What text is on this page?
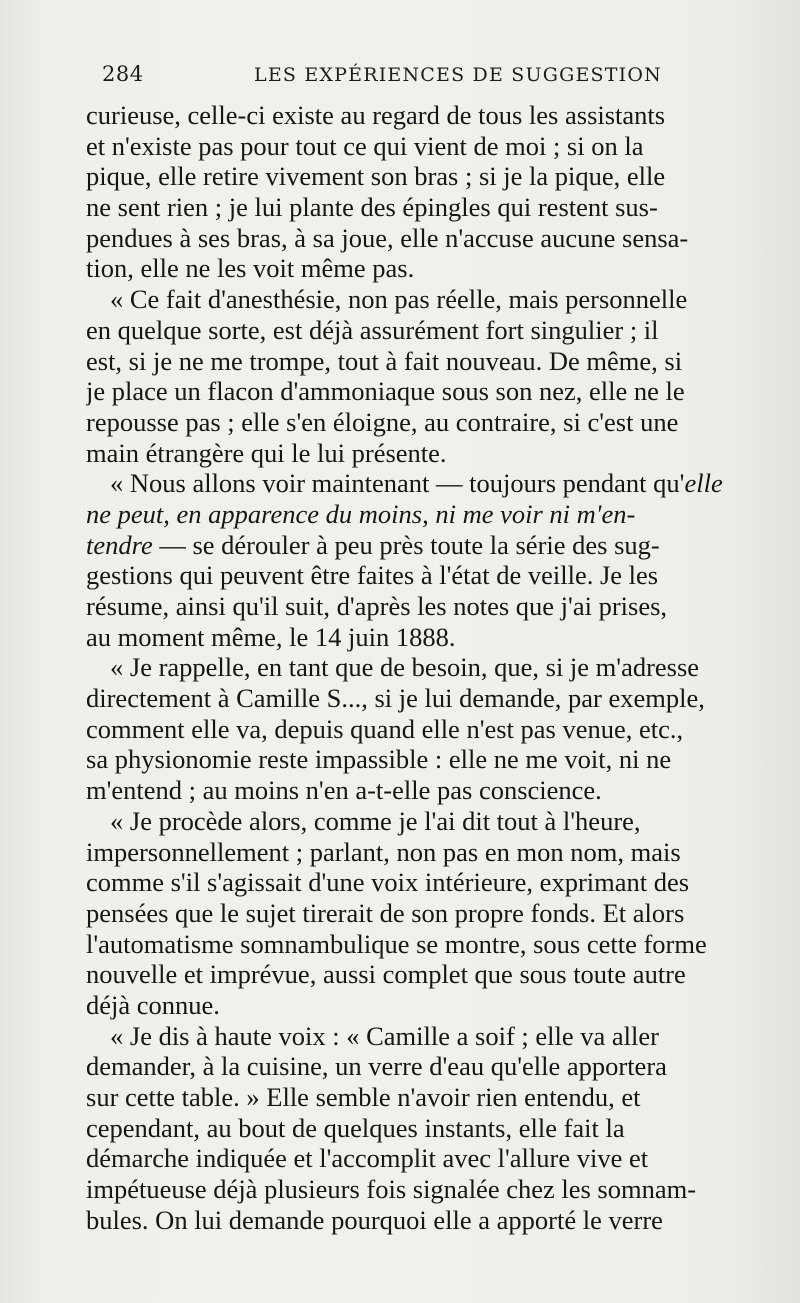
284	LES EXPÉRIENCES DE SUGGESTION
curieuse, celle-ci existe au regard de tous les assistants
et n'existe pas pour tout ce qui vient de moi ; si on la
pique, elle retire vivement son bras ; si je la pique, elle
ne sent rien ; je lui plante des épingles qui restent sus-
pendues à ses bras, à sa joue, elle n'accuse aucune sensa-
tion, elle ne les voit même pas.
« Ce fait d'anesthésie, non pas réelle, mais personnelle
en quelque sorte, est déjà assurément fort singulier ; il
est, si je ne me trompe, tout à fait nouveau. De même, si
je place un flacon d'ammoniaque sous son nez, elle ne le
repousse pas ; elle s'en éloigne, au contraire, si c'est une
main étrangère qui le lui présente.
« Nous allons voir maintenant — toujours pendant qu'elle
ne peut, en apparence du moins, ni me voir ni m'en-
tendre — se dérouler à peu près toute la série des sug-
gestions qui peuvent être faites à l'état de veille. Je les
résume, ainsi qu'il suit, d'après les notes que j'ai prises,
au moment même, le 14 juin 1888.
« Je rappelle, en tant que de besoin, que, si je m'adresse
directement à Camille S..., si je lui demande, par exemple,
comment elle va, depuis quand elle n'est pas venue, etc.,
sa physionomie reste impassible : elle ne me voit, ni ne
m'entend ; au moins n'en a-t-elle pas conscience.
« Je procède alors, comme je l'ai dit tout à l'heure,
impersonnellement ; parlant, non pas en mon nom, mais
comme s'il s'agissait d'une voix intérieure, exprimant des
pensées que le sujet tirerait de son propre fonds. Et alors
l'automatisme somnambulique se montre, sous cette forme
nouvelle et imprévue, aussi complet que sous toute autre
déjà connue.
« Je dis à haute voix : « Camille a soif ; elle va aller
demander, à la cuisine, un verre d'eau qu'elle apportera
sur cette table. » Elle semble n'avoir rien entendu, et
cependant, au bout de quelques instants, elle fait la
démarche indiquée et l'accomplit avec l'allure vive et
impétueuse déjà plusieurs fois signalée chez les somnam-
bules. On lui demande pourquoi elle a apporté le verre
